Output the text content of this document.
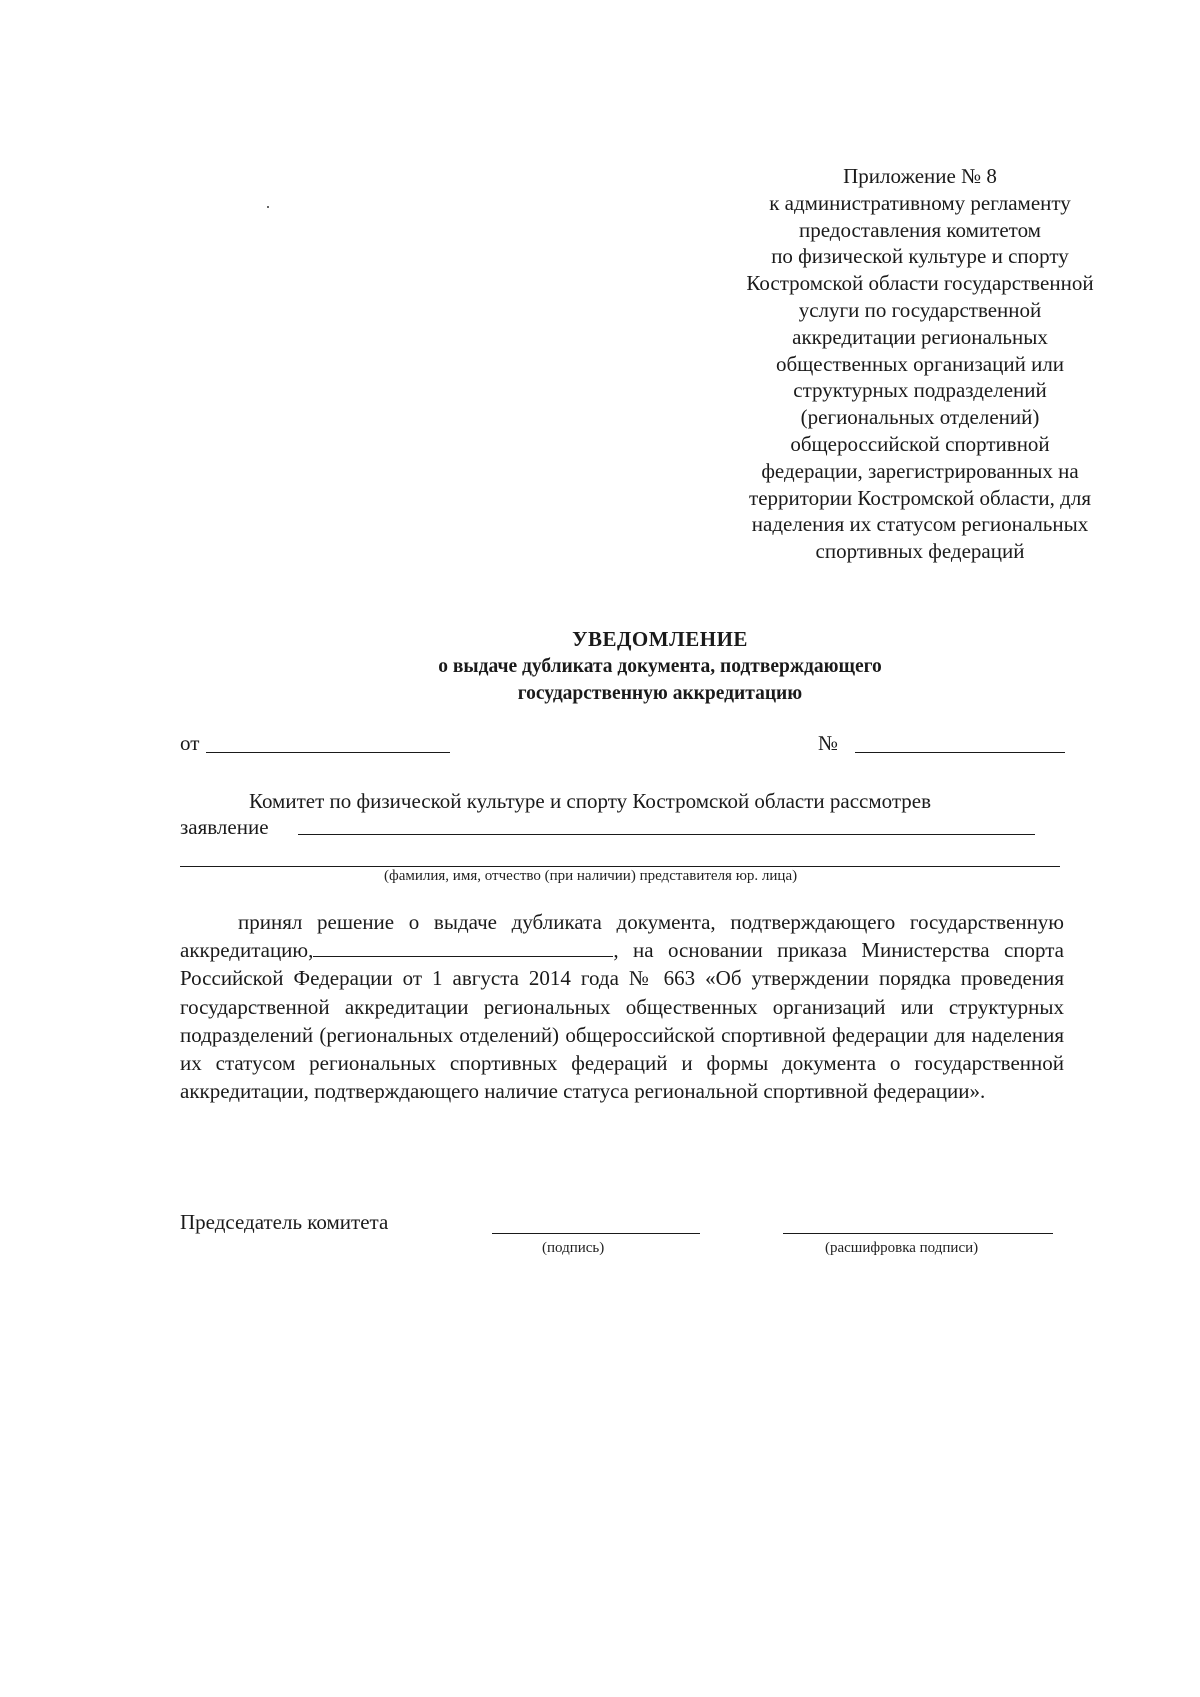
Приложение № 8
к административному регламенту
предоставления комитетом
по физической культуре и спорту
Костромской области государственной
услуги по государственной
аккредитации региональных
общественных организаций или
структурных подразделений
(региональных отделений)
общероссийской спортивной
федерации, зарегистрированных на
территории Костромской области, для
наделения их статусом региональных
спортивных федераций
УВЕДОМЛЕНИЕ
о выдаче дубликата документа, подтверждающего
государственную аккредитацию
от	№
Комитет по физической культуре и спорту Костромской области рассмотрев
заявление
(фамилия, имя, отчество (при наличии) представителя юр. лица)

принял решение о выдаче дубликата документа, подтверждающего государственную аккредитацию,	, на основании приказа Министерства спорта Российской Федерации от 1 августа 2014 года № 663 «Об утверждении порядка проведения государственной аккредитации региональных общественных организаций или структурных подразделений (региональных отделений) общероссийской спортивной федерации для наделения их статусом региональных спортивных федераций и формы документа о государственной аккредитации, подтверждающего наличие статуса региональной спортивной федерации».

Председатель комитета
(подпись)	(расшифровка подписи)
